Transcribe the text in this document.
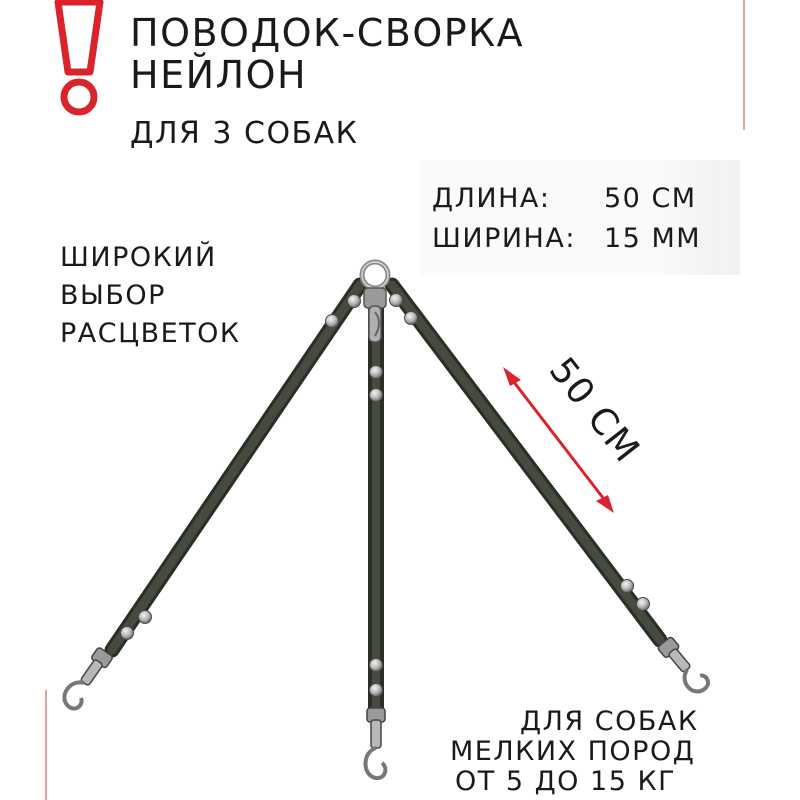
ПОВОДОК-СВОРКА
НЕЙЛОН
ДЛЯ 3 СОБАК
ДЛИНА: 50 СМ
ШИРИНА: 15 ММ
ШИРОКИЙ
ВЫБОР
РАСЦВЕТОК
50 СМ
ДЛЯ СОБАК
МЕЛКИХ ПОРОД
ОТ 5 ДО 15 КГ
